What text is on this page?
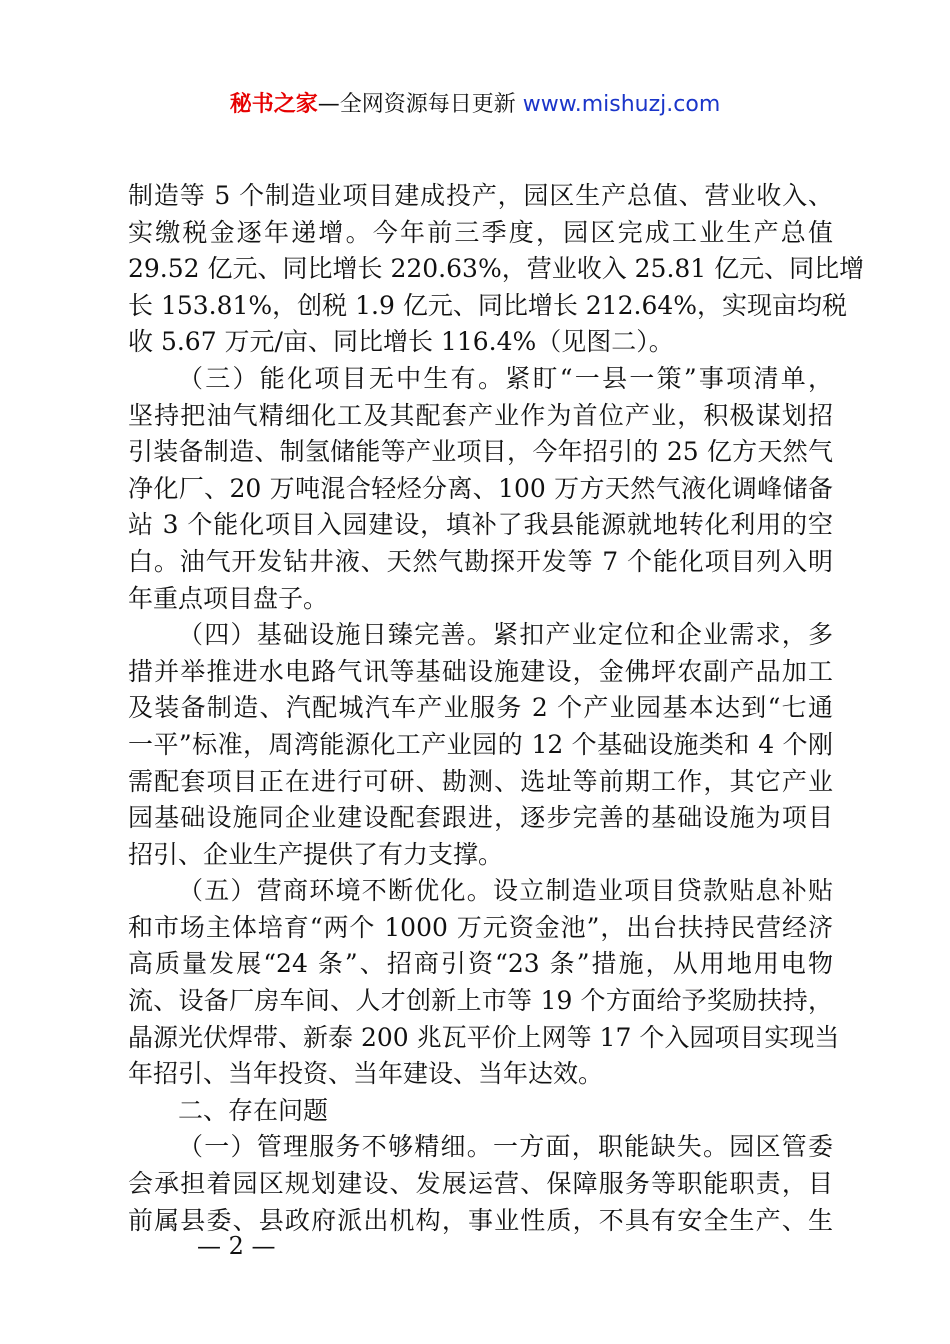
秘书之家—全网资源每日更新 www.mishuzj.com
制造等 5 个制造业项目建成投产，园区生产总值、营业收入、
实缴税金逐年递增。今年前三季度，园区完成工业生产总值
29.52 亿元、同比增长 220.63%，营业收入 25.81 亿元、同比增
长 153.81%，创税 1.9 亿元、同比增长 212.64%，实现亩均税
收 5.67 万元/亩、同比增长 116.4%（见图二）。
（三）能化项目无中生有。紧盯“一县一策”事项清单，
坚持把油气精细化工及其配套产业作为首位产业，积极谋划招
引装备制造、制氢储能等产业项目，今年招引的 25 亿方天然气
净化厂、20 万吨混合轻烃分离、100 万方天然气液化调峰储备
站 3 个能化项目入园建设，填补了我县能源就地转化利用的空
白。油气开发钻井液、天然气勘探开发等 7 个能化项目列入明
年重点项目盘子。
（四）基础设施日臻完善。紧扣产业定位和企业需求，多
措并举推进水电路气讯等基础设施建设，金佛坪农副产品加工
及装备制造、汽配城汽车产业服务 2 个产业园基本达到“七通
一平”标准，周湾能源化工产业园的 12 个基础设施类和 4 个刚
需配套项目正在进行可研、勘测、选址等前期工作，其它产业
园基础设施同企业建设配套跟进，逐步完善的基础设施为项目
招引、企业生产提供了有力支撑。
（五）营商环境不断优化。设立制造业项目贷款贴息补贴
和市场主体培育“两个 1000 万元资金池”，出台扶持民营经济
高质量发展“24 条”、招商引资“23 条”措施，从用地用电物
流、设备厂房车间、人才创新上市等 19 个方面给予奖励扶持，
晶源光伏焊带、新泰 200 兆瓦平价上网等 17 个入园项目实现当
年招引、当年投资、当年建设、当年达效。
二、存在问题
（一）管理服务不够精细。一方面，职能缺失。园区管委
会承担着园区规划建设、发展运营、保障服务等职能职责，目
前属县委、县政府派出机构，事业性质，不具有安全生产、生
— 2 —
